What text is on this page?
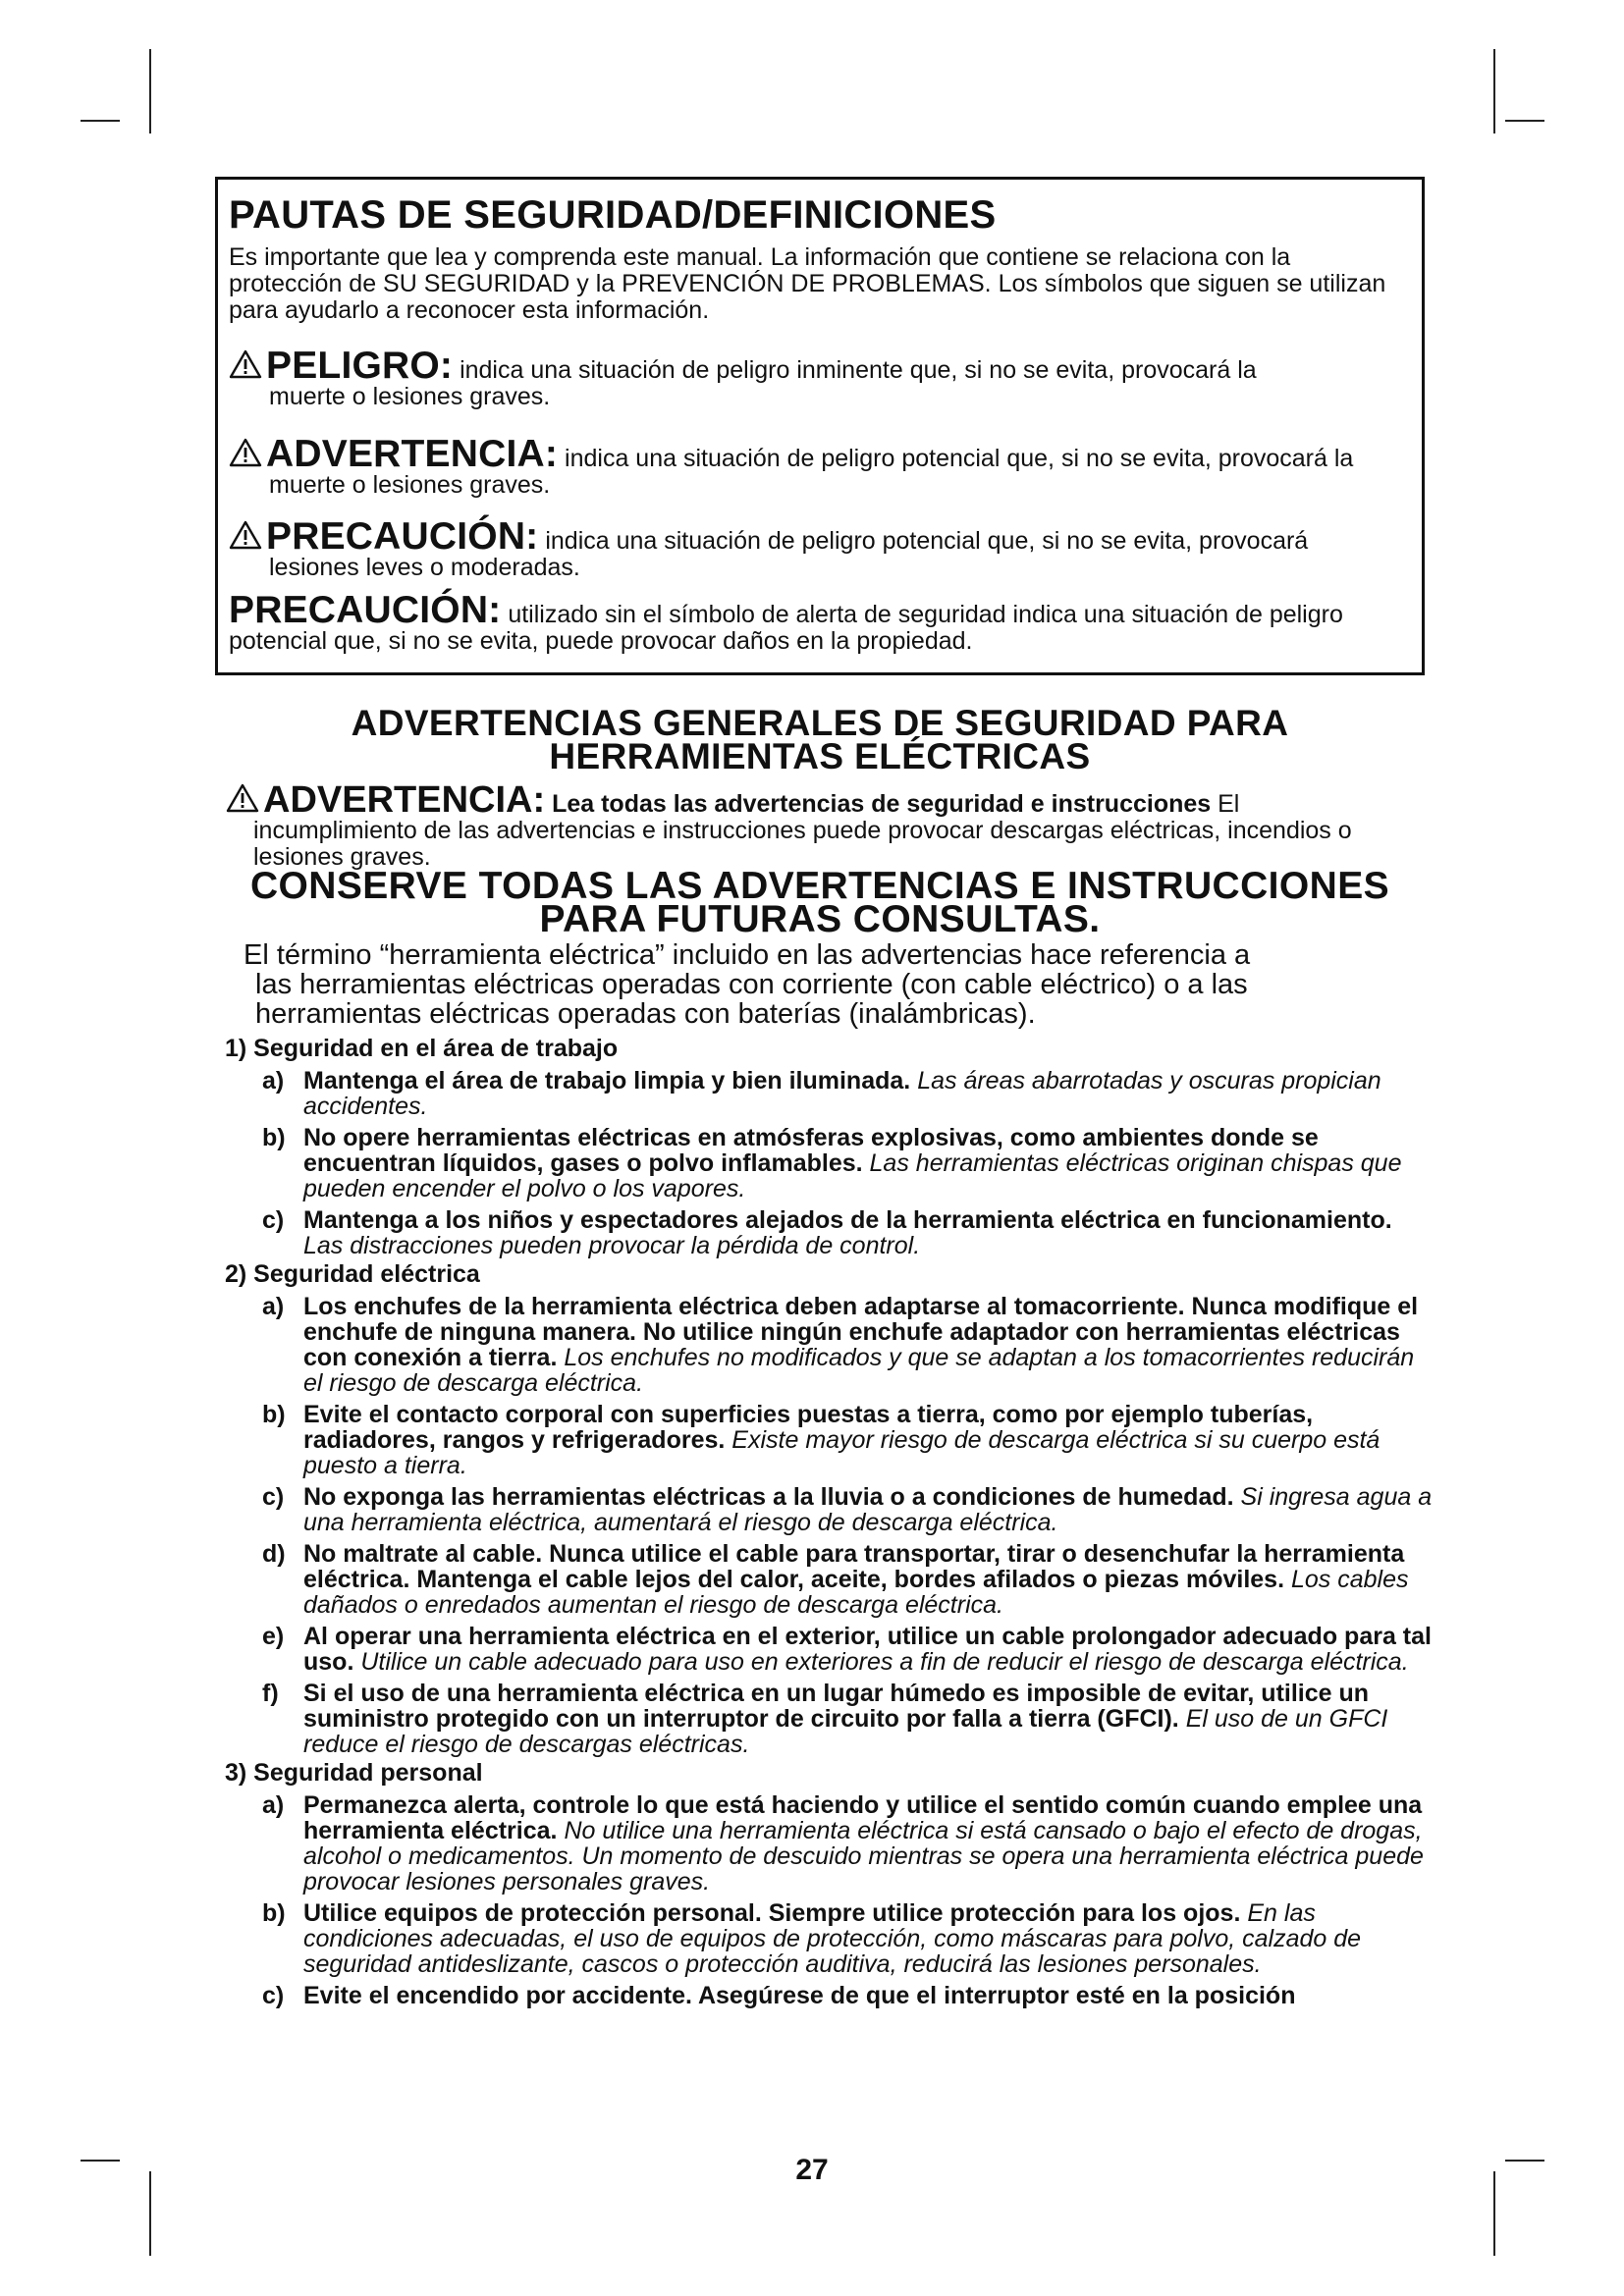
PAUTAS DE SEGURIDAD/DEFINICIONES

Es importante que lea y comprenda este manual. La información que contiene se relaciona con la protección de SU SEGURIDAD y la PREVENCIÓN DE PROBLEMAS. Los símbolos que siguen se utilizan para ayudarlo a reconocer esta información.

PELIGRO: indica una situación de peligro inminente que, si no se evita, provocará la
muerte o lesiones graves.
ADVERTENCIA: indica una situación de peligro potencial que, si no se evita, provocará la
muerte o lesiones graves.
PRECAUCIÓN: indica una situación de peligro potencial que, si no se evita, provocará
lesiones leves o moderadas.
PRECAUCIÓN: utilizado sin el símbolo de alerta de seguridad indica una situación de peligro potencial que, si no se evita, puede provocar daños en la propiedad.
ADVERTENCIAS GENERALES DE SEGURIDAD PARA
HERRAMIENTAS ELÉCTRICAS
ADVERTENCIA: Lea todas las advertencias de seguridad e instrucciones El
incumplimiento de las advertencias e instrucciones puede provocar descargas eléctricas, incendios o lesiones graves.
CONSERVE TODAS LAS ADVERTENCIAS E INSTRUCCIONES
PARA FUTURAS CONSULTAS.
El término “herramienta eléctrica” incluido en las advertencias hace referencia a
las herramientas eléctricas operadas con corriente (con cable eléctrico) o a las herramientas eléctricas operadas con baterías (inalámbricas).
1) Seguridad en el área de trabajo
a) Mantenga el área de trabajo limpia y bien iluminada. Las áreas abarrotadas y oscuras propician accidentes.
b) No opere herramientas eléctricas en atmósferas explosivas, como ambientes donde se encuentran líquidos, gases o polvo inflamables. Las herramientas eléctricas originan chispas que pueden encender el polvo o los vapores.
c) Mantenga a los niños y espectadores alejados de la herramienta eléctrica en funcionamiento. Las distracciones pueden provocar la pérdida de control.
2) Seguridad eléctrica
a) Los enchufes de la herramienta eléctrica deben adaptarse al tomacorriente. Nunca modifique el enchufe de ninguna manera. No utilice ningún enchufe adaptador con herramientas eléctricas con conexión a tierra. Los enchufes no modificados y que se adaptan a los tomacorrientes reducirán el riesgo de descarga eléctrica.
b) Evite el contacto corporal con superficies puestas a tierra, como por ejemplo tuberías, radiadores, rangos y refrigeradores. Existe mayor riesgo de descarga eléctrica si su cuerpo está puesto a tierra.
c) No exponga las herramientas eléctricas a la lluvia o a condiciones de humedad. Si ingresa agua a una herramienta eléctrica, aumentará el riesgo de descarga eléctrica.
d) No maltrate al cable. Nunca utilice el cable para transportar, tirar o desenchufar la herramienta eléctrica. Mantenga el cable lejos del calor, aceite, bordes afilados o piezas móviles. Los cables dañados o enredados aumentan el riesgo de descarga eléctrica.
e) Al operar una herramienta eléctrica en el exterior, utilice un cable prolongador adecuado para tal uso. Utilice un cable adecuado para uso en exteriores a fin de reducir el riesgo de descarga eléctrica.
f) Si el uso de una herramienta eléctrica en un lugar húmedo es imposible de evitar, utilice un suministro protegido con un interruptor de circuito por falla a tierra (GFCI). El uso de un GFCI reduce el riesgo de descargas eléctricas.
3) Seguridad personal
a) Permanezca alerta, controle lo que está haciendo y utilice el sentido común cuando emplee una herramienta eléctrica. No utilice una herramienta eléctrica si está cansado o bajo el efecto de drogas, alcohol o medicamentos. Un momento de descuido mientras se opera una herramienta eléctrica puede provocar lesiones personales graves.
b) Utilice equipos de protección personal. Siempre utilice protección para los ojos. En las condiciones adecuadas, el uso de equipos de protección, como máscaras para polvo, calzado de seguridad antideslizante, cascos o protección auditiva, reducirá las lesiones personales.
c) Evite el encendido por accidente. Asegúrese de que el interruptor esté en la posición
27
